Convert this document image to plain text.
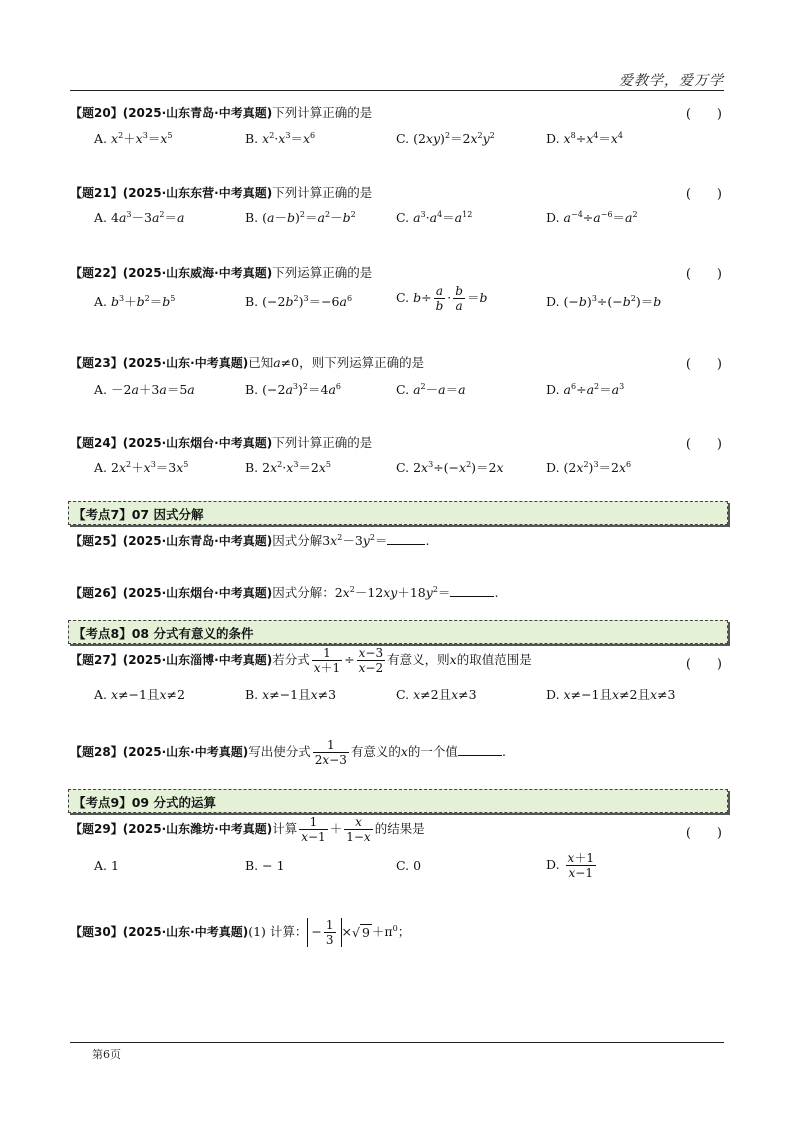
爱教学，爱万学
【题20】(2025·山东青岛·中考真题)下列计算正确的是	(　　)
A. $x^2+x^3=x^5$	B. $x^2\cdot x^3=x^6$	C. $(2xy)^2=2x^2y^2$	D. $x^8\div x^4=x^4$
【题21】(2025·山东东营·中考真题)下列计算正确的是	(　　)
A. $4a^3-3a^2=a$	B. $(a-b)^2=a^2-b^2$	C. $a^3\cdot a^4=a^{12}$	D. $a^{-4}\div a^{-6}=a^2$
【题22】(2025·山东威海·中考真题)下列运算正确的是	(　　)
A. $b^3+b^2=b^5$	B. $(-2b^2)^3=-6a^6$	C. $b\div \frac{a}{b} \cdot \frac{b}{a} =b$	D. $(-b)^3\div(-b^2)=b$
【题23】(2025·山东·中考真题)已知a≠0，则下列运算正确的是	(　　)
A. －2a＋3a＝5a	B. $(-2a^3)^2=4a^6$	C. $a^2-a=a$	D. $a^6\div a^2=a^3$
【题24】(2025·山东烟台·中考真题)下列计算正确的是	(　　)
A. $2x^2+x^3=3x^5$	B. $2x^2\cdot x^3=2x^5$	C. $2x^3\div(-x^2)=2x$	D. $(2x^2)^3=2x^6$
【考点7】07 因式分解
【题25】(2025·山东青岛·中考真题)因式分解$3x^2-3y^2=$	.
【题26】(2025·山东烟台·中考真题)因式分解：$2x^2-12xy+18y^2=$	.
【考点8】08 分式有意义的条件
【题27】(2025·山东淄博·中考真题)若分式 $\frac{1}{x+1} \div \frac{x-3}{x-2}$ 有意义，则x的取值范围是	(　　)
A. x≠−1且x≠2	B. x≠−1且x≠3	C. x≠2且x≠3	D. x≠−1且x≠2且x≠3
【题28】(2025·山东·中考真题)写出使分式 $\frac{1}{2x-3}$ 有意义的x的一个值	.
【考点9】09 分式的运算
【题29】(2025·山东潍坊·中考真题)计算 $\frac{1}{x-1} + \frac{x}{1-x}$ 的结果是	(　　)
A. 1	B. − 1	C. 0	D. $\frac{x+1}{x-1}$
【题30】(2025·山东·中考真题)(1) 计算： − $\frac{1}{3}$ ×√ $9 +\pi^0$；
第6页
